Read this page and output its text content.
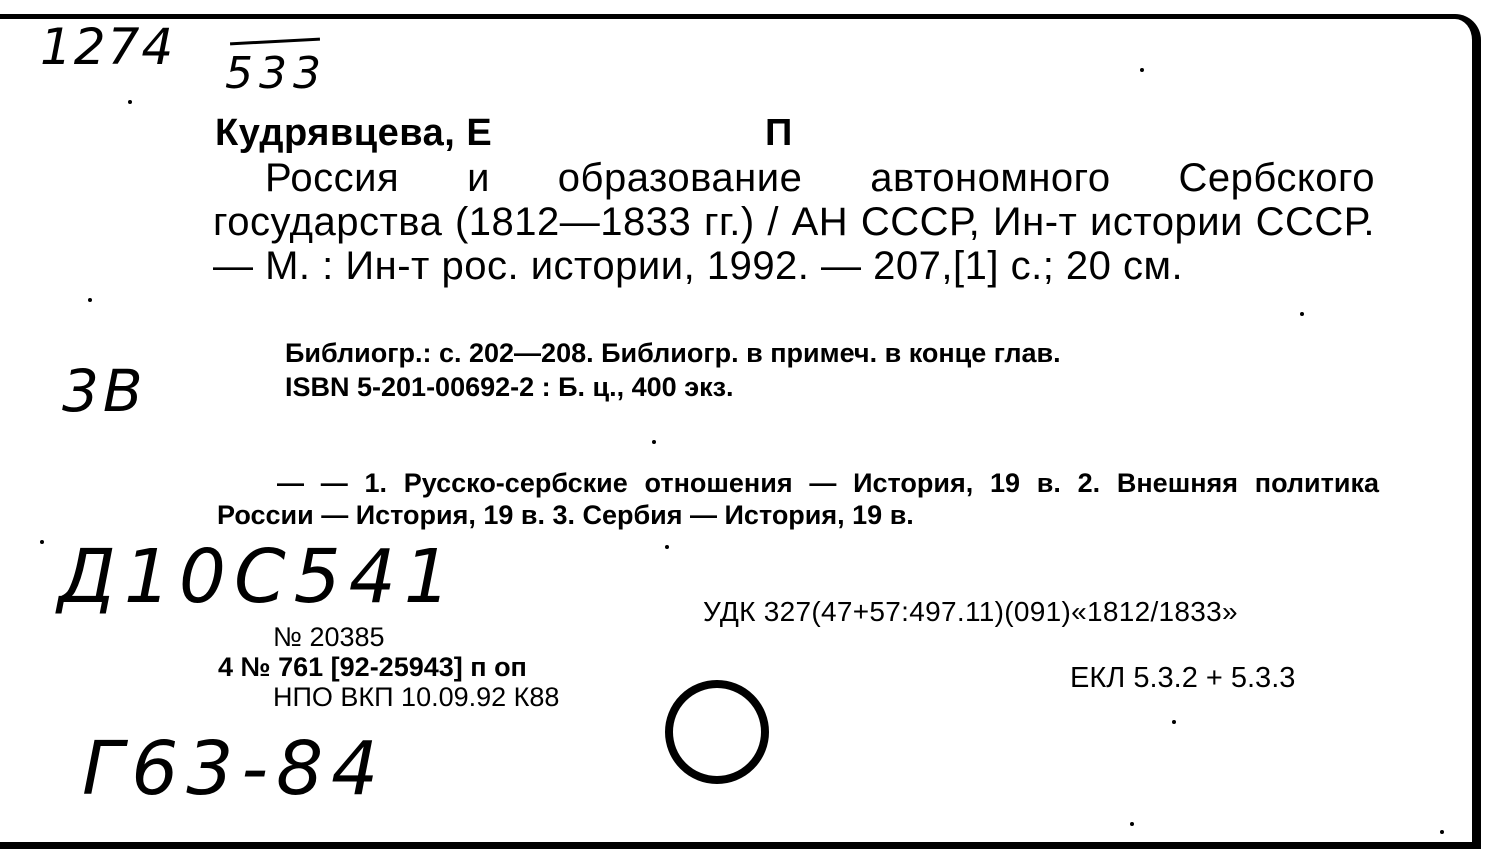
1274 533
3B
Д10С541
Г63-84
Кудрявцева, Е	П
Россия и образование автономного Сербского государства (1812—1833 гг.) / АН СССР, Ин-т истории СССР. — М. : Ин-т рос. истории, 1992. — 207,[1] с.; 20 см.
Библиогр.: с. 202—208. Библиогр. в примеч. в конце глав.
ISBN 5-201-00692-2 : Б. ц., 400 экз.
— — 1. Русско-сербские отношения — История, 19 в. 2. Внешняя политика России — История, 19 в. 3. Сербия — История, 19 в.
УДК 327(47+57:497.11)(091)«1812/1833»
ЕКЛ 5.3.2 + 5.3.3
№ 20385
4 № 761 [92-25943] п оп
НПО ВКП 10.09.92 К88
